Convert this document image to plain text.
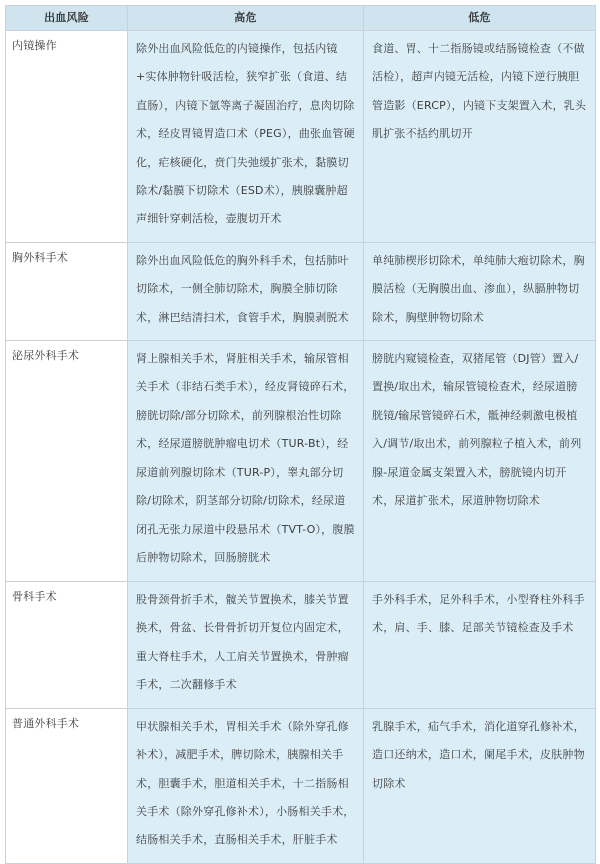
出血风险	高危	低危
内镜操作	除外出血风险低危的内镜操作，包括内镜+实体肿物针吸活检，狭窄扩张（食道、结直肠），内镜下氩等离子凝固治疗，息肉切除术，经皮胃镜胃造口术（PEG），曲张血管硬化，疟核硬化，贲门失弛缓扩张术，黏膜切除术/黏膜下切除术（ESD术），胰腺囊肿超声细针穿刺活检，壶腹切开术	食道、胃、十二指肠镜或结肠镜检查（不做活检），超声内镜无活检，内镜下逆行胰胆管造影（ERCP），内镜下支架置入术，乳头肌扩张不括约肌切开
胸外科手术	除外出血风险低危的胸外科手术，包括肺叶切除术，一侧全肺切除术，胸膜全肺切除术，淋巴结清扫术，食管手术，胸膜剥脱术	单纯肺楔形切除术，单纯肺大疱切除术，胸膜活检（无胸膜出血、渗血），纵膈肿物切除术，胸壁肿物切除术
泌尿外科手术	肾上腺相关手术，肾脏相关手术，输尿管相关手术（非结石类手术），经皮肾镜碎石术，膀胱切除/部分切除术，前列腺根治性切除术，经尿道膀胱肿瘤电切术（TUR-Bt），经尿道前列腺切除术（TUR-P），睾丸部分切除/切除术，阴茎部分切除/切除术，经尿道闭孔无张力尿道中段悬吊术（TVT-O），腹膜后肿物切除术，回肠膀胱术	膀胱内窥镜检查，双猪尾管（DJ管）置入/置换/取出术，输尿管镜检查术，经尿道膀胱镜/输尿管镜碎石术，骶神经刺激电极植入/调节/取出术，前列腺粒子植入术，前列腺-尿道金属支架置入术，膀胱镜内切开术，尿道扩张术，尿道肿物切除术
骨科手术	股骨颈骨折手术，髋关节置换术，膝关节置换术，骨盆、长骨骨折切开复位内固定术，重大脊柱手术，人工肩关节置换术，骨肿瘤手术，二次翻修手术	手外科手术，足外科手术，小型脊柱外科手术，肩、手、膝、足部关节镜检查及手术
普通外科手术	甲状腺相关手术，胃相关手术（除外穿孔修补术），减肥手术，脾切除术，胰腺相关手术，胆囊手术，胆道相关手术，十二指肠相关手术（除外穿孔修补术），小肠相关手术，结肠相关手术，直肠相关手术，肝脏手术	乳腺手术，疝气手术，消化道穿孔修补术，造口还纳术，造口术，阑尾手术，皮肤肿物切除术
